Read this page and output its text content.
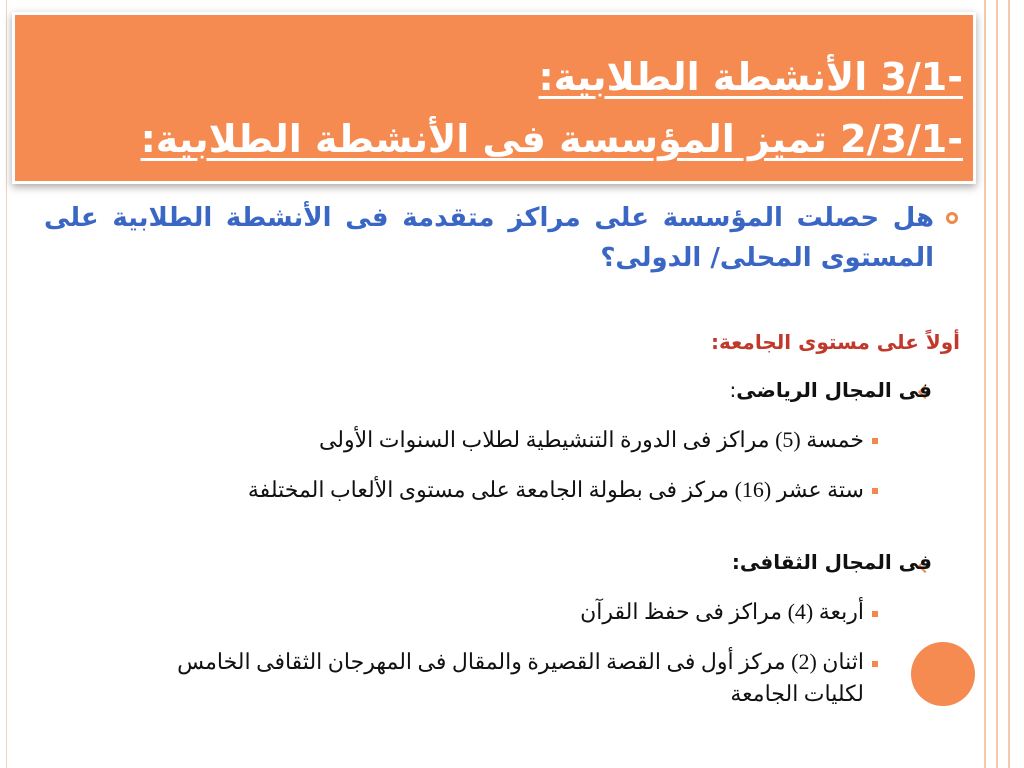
-3/1 الأنشطة الطلابية:
-2/3/1 تميز المؤسسة فى الأنشطة الطلابية:
هل حصلت المؤسسة على مراكز متقدمة فى الأنشطة الطلابية على المستوى المحلى/ الدولى؟
أولاً على مستوى الجامعة:
فى المجال الرياضى:
خمسة (5) مراكز فى الدورة التنشيطية لطلاب السنوات الأولى
ستة عشر (16) مركز فى بطولة الجامعة على مستوى الألعاب المختلفة
فى المجال الثقافى:
أربعة (4) مراكز فى حفظ القرآن
اثنان (2) مركز أول فى القصة القصيرة والمقال فى المهرجان الثقافى الخامس لكليات الجامعة
